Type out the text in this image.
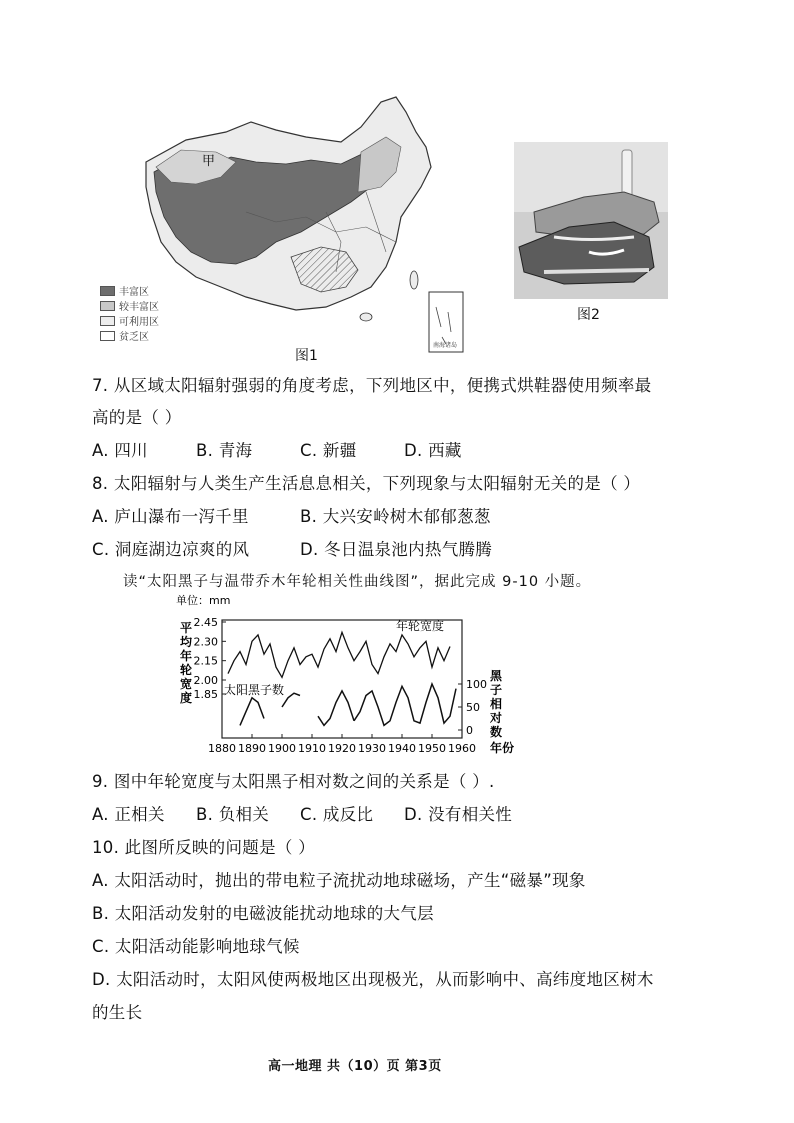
甲
南海诸岛
丰富区
较丰富区
可利用区
贫乏区
图1
图2
7. 从区域太阳辐射强弱的角度考虑，下列地区中，便携式烘鞋器使用频率最
高的是（ ）
A. 四川	B. 青海	C. 新疆	D. 西藏
8. 太阳辐射与人类生产生活息息相关，下列现象与太阳辐射无关的是（ ）
A. 庐山瀑布一泻千里	B. 大兴安岭树木郁郁葱葱
C. 洞庭湖边凉爽的风	D. 冬日温泉池内热气腾腾
读“太阳黑子与温带乔木年轮相关性曲线图”，据此完成 9-10 小题。
单位：mm
平
均
年
轮
宽
度 1.85
2.00
2.15
2.30
2.45
黑
子
相
对
数
0
50
100
1880 1890 1900 1910 1920 1930 1940 1950 1960 年份
年轮宽度
太阳黑子数
9. 图中年轮宽度与太阳黑子相对数之间的关系是（ ）.
A. 正相关 B. 负相关 C. 成反比 D. 没有相关性
10. 此图所反映的问题是（ ）
A. 太阳活动时，抛出的带电粒子流扰动地球磁场，产生“磁暴”现象
B. 太阳活动发射的电磁波能扰动地球的大气层
C. 太阳活动能影响地球气候
D. 太阳活动时，太阳风使两极地区出现极光，从而影响中、高纬度地区树木
的生长
高一地理 共（10）页 第3页
